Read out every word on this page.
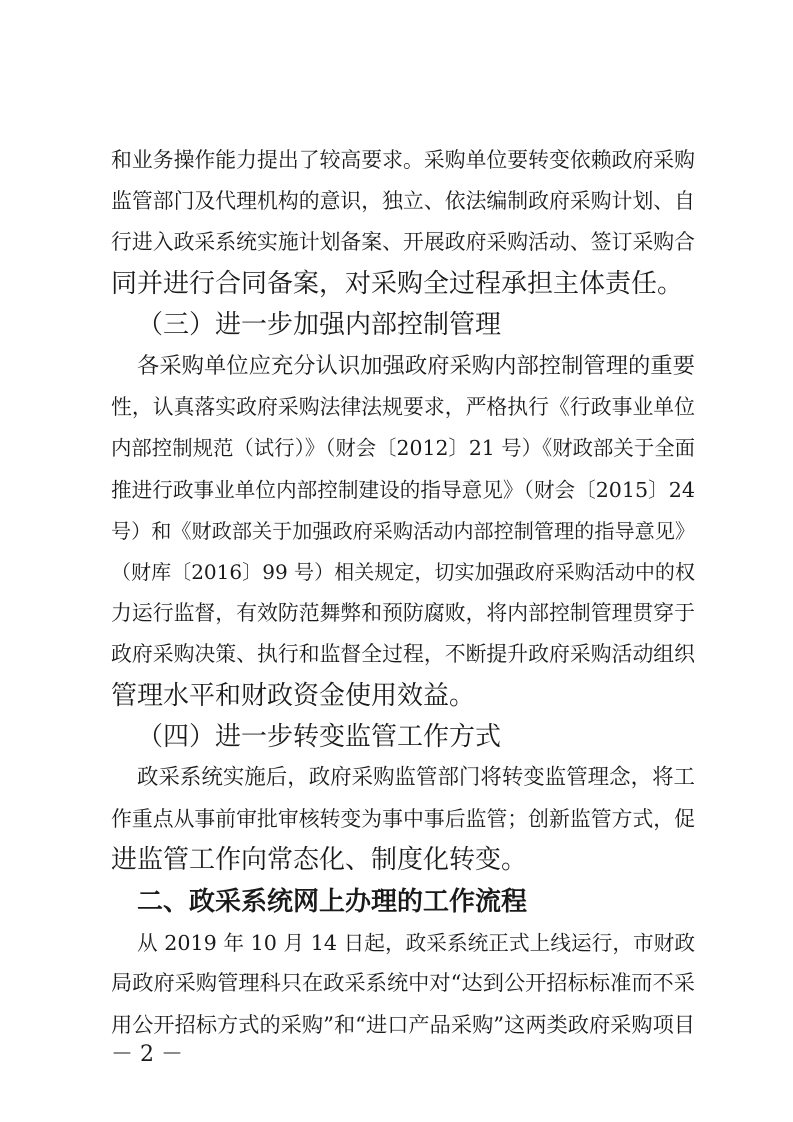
和业务操作能力提出了较高要求。采购单位要转变依赖政府采购
监管部门及代理机构的意识，独立、依法编制政府采购计划、自
行进入政采系统实施计划备案、开展政府采购活动、签订采购合
同并进行合同备案，对采购全过程承担主体责任。
（三）进一步加强内部控制管理
各采购单位应充分认识加强政府采购内部控制管理的重要
性，认真落实政府采购法律法规要求，严格执行《行政事业单位
内部控制规范（试行）》（财会〔2012〕21 号）《财政部关于全面
推进行政事业单位内部控制建设的指导意见》（财会〔2015〕24
号）和《财政部关于加强政府采购活动内部控制管理的指导意见》
（财库〔2016〕99 号）相关规定，切实加强政府采购活动中的权
力运行监督，有效防范舞弊和预防腐败，将内部控制管理贯穿于
政府采购决策、执行和监督全过程，不断提升政府采购活动组织
管理水平和财政资金使用效益。
（四）进一步转变监管工作方式
政采系统实施后，政府采购监管部门将转变监管理念，将工
作重点从事前审批审核转变为事中事后监管；创新监管方式，促
进监管工作向常态化、制度化转变。
二、政采系统网上办理的工作流程
从 2019 年 10 月 14 日起，政采系统正式上线运行，市财政
局政府采购管理科只在政采系统中对“达到公开招标标准而不采
用公开招标方式的采购”和“进口产品采购”这两类政府采购项目
－ 2 －
